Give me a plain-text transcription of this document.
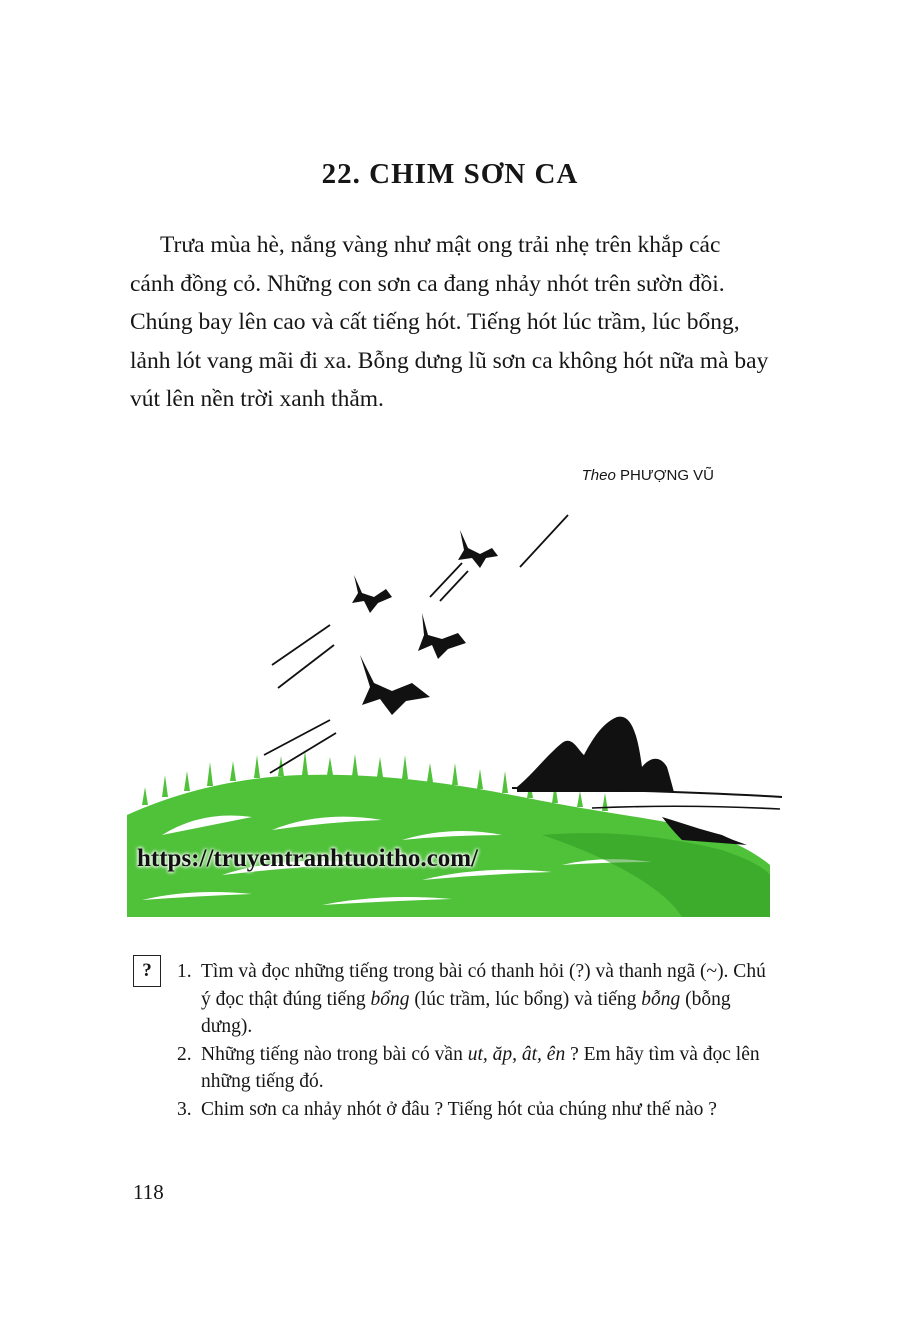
22. CHIM SƠN CA

Trưa mùa hè, nắng vàng như mật ong trải nhẹ trên khắp các cánh đồng cỏ. Những con sơn ca đang nhảy nhót trên sườn đồi. Chúng bay lên cao và cất tiếng hót. Tiếng hót lúc trầm, lúc bổng, lảnh lót vang mãi đi xa. Bỗng dưng lũ sơn ca không hót nữa mà bay vút lên nền trời xanh thẳm.

Theo PHƯỢNG VŨ
https://truyentranhtuoitho.com/
?	1. Tìm và đọc những tiếng trong bài có thanh hỏi (?) và thanh ngã (~). Chú ý đọc thật đúng tiếng bổng (lúc trầm, lúc bổng) và tiếng bỗng (bỗng dưng).
2. Những tiếng nào trong bài có vần ut, ăp, ât, ên ? Em hãy tìm và đọc lên những tiếng đó.
3. Chim sơn ca nhảy nhót ở đâu ? Tiếng hót của chúng như thế nào ?
118
